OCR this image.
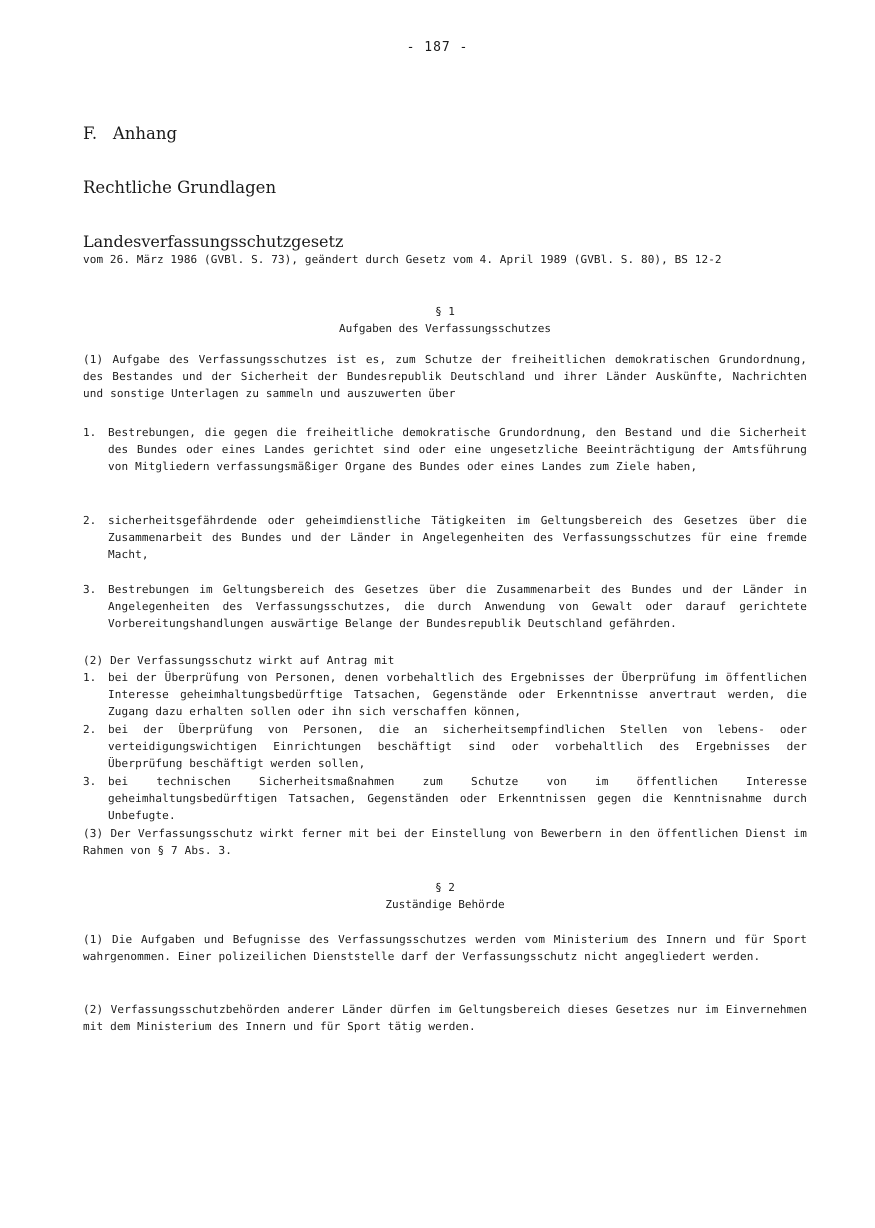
- 187 -
F. Anhang
Rechtliche Grundlagen
Landesverfassungsschutzgesetz
vom 26. März 1986 (GVBl. S. 73), geändert durch Gesetz vom 4. April 1989 (GVBl. S. 80), BS 12-2
§ 1
Aufgaben des Verfassungsschutzes

(1) Aufgabe des Verfassungsschutzes ist es, zum Schutze der freiheitlichen demokratischen Grundordnung, des Bestandes und der Sicherheit der Bundesrepublik Deutschland und ihrer Länder Auskünfte, Nachrichten und sonstige Unterlagen zu sammeln und auszuwerten über

1. Bestrebungen, die gegen die freiheitliche demokratische Grundordnung, den Bestand und die Sicherheit des Bundes oder eines Landes gerichtet sind oder eine ungesetzliche Beeinträchtigung der Amtsführung von Mitgliedern verfassungsmäßiger Organe des Bundes oder eines Landes zum Ziele haben,

2. sicherheitsgefährdende oder geheimdienstliche Tätigkeiten im Geltungsbereich des Gesetzes über die Zusammenarbeit des Bundes und der Länder in Angelegenheiten des Verfassungsschutzes für eine fremde Macht,

3. Bestrebungen im Geltungsbereich des Gesetzes über die Zusammenarbeit des Bundes und der Länder in Angelegenheiten des Verfassungsschutzes, die durch Anwendung von Gewalt oder darauf gerichtete Vorbereitungshandlungen auswärtige Belange der Bundesrepublik Deutschland gefährden.

(2) Der Verfassungsschutz wirkt auf Antrag mit

1. bei der Überprüfung von Personen, denen vorbehaltlich des Ergebnisses der Überprüfung im öffentlichen Interesse geheimhaltungsbedürftige Tatsachen, Gegenstände oder Erkenntnisse anvertraut werden, die Zugang dazu erhalten sollen oder ihn sich verschaffen können,

2. bei der Überprüfung von Personen, die an sicherheitsempfindlichen Stellen von lebens- oder verteidigungswichtigen Einrichtungen beschäftigt sind oder vorbehaltlich des Ergebnisses der Überprüfung beschäftigt werden sollen,

3. bei technischen Sicherheitsmaßnahmen zum Schutze von im öffentlichen Interesse geheimhaltungsbedürftigen Tatsachen, Gegenständen oder Erkenntnissen gegen die Kenntnisnahme durch Unbefugte.

(3) Der Verfassungsschutz wirkt ferner mit bei der Einstellung von Bewerbern in den öffentlichen Dienst im Rahmen von § 7 Abs. 3.

§ 2
Zuständige Behörde

(1) Die Aufgaben und Befugnisse des Verfassungsschutzes werden vom Ministerium des Innern und für Sport wahrgenommen. Einer polizeilichen Dienststelle darf der Verfassungsschutz nicht angegliedert werden.

(2) Verfassungsschutzbehörden anderer Länder dürfen im Geltungsbereich dieses Gesetzes nur im Einvernehmen mit dem Ministerium des Innern und für Sport tätig werden.
